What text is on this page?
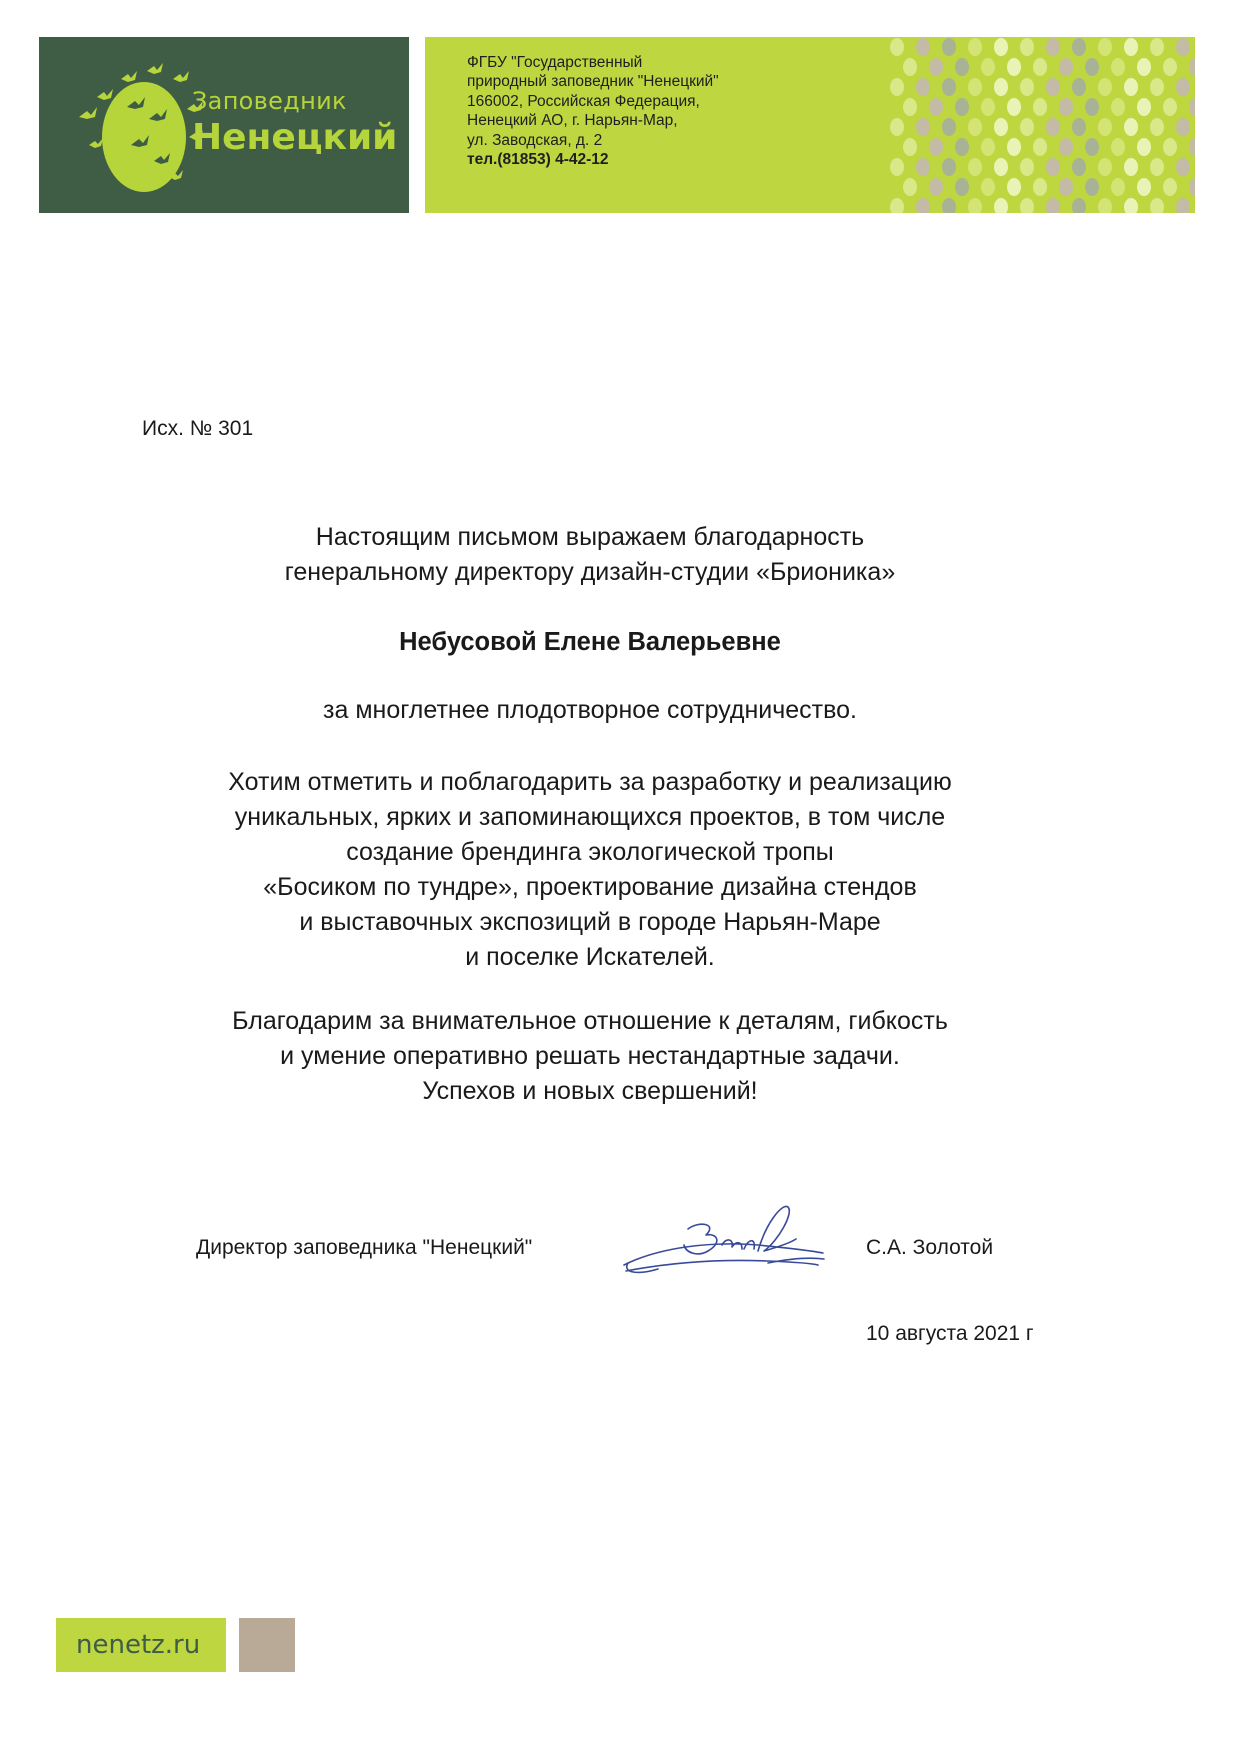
Заповедник
Ненецкий
ФГБУ "Государственный
природный заповедник "Ненецкий"
166002, Российская Федерация,
Ненецкий АО, г. Нарьян-Мар,
ул. Заводская, д. 2
тел.(81853) 4-42-12
Исх. № 301
Настоящим письмом выражаем благодарность
генеральному директору дизайн-студии «Брионика»
Небусовой Елене Валерьевне
за многлетнее плодотворное сотрудничество.
Хотим отметить и поблагодарить за разработку и реализацию
уникальных, ярких и запоминающихся проектов, в том числе
создание брендинга экологической тропы
«Босиком по тундре», проектирование дизайна стендов
и выставочных экспозиций в городе Нарьян-Маре
и поселке Искателей.
Благодарим за внимательное отношение к деталям, гибкость
и умение оперативно решать нестандартные задачи.
Успехов и новых свершений!
Директор заповедника "Ненецкий"	С.А. Золотой
10 августа 2021 г
nenetz.ru
